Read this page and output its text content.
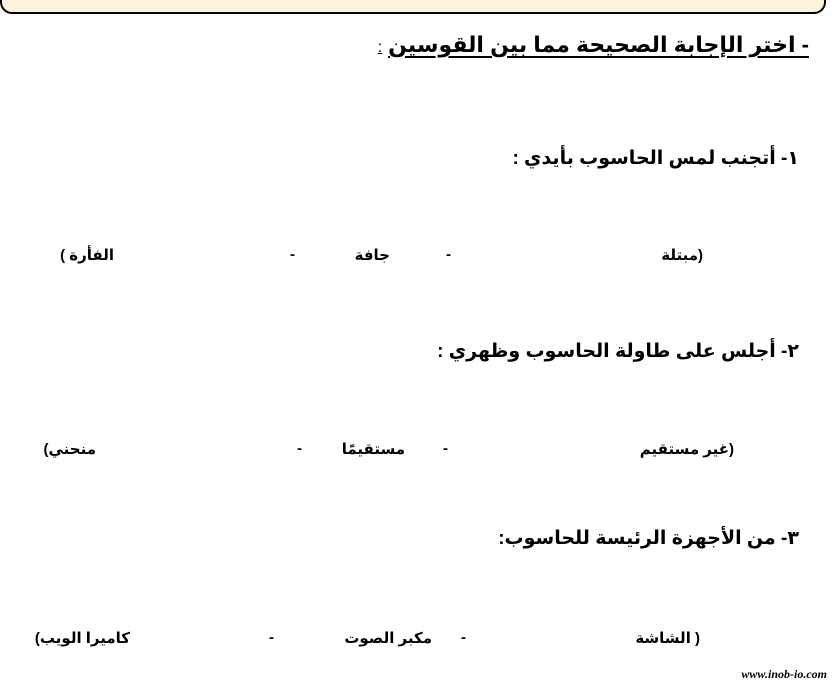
- اختر الإجابة الصحيحة مما بين القوسين:
١- أتجنب لمس الحاسوب بأيدي :
(مبتلة
-
جافة
-
الفأرة )
٢- أجلس على طاولة الحاسوب وظهري :
(غير مستقيم
-
مستقيمًا
-
منحني)
٣- من الأجهزة الرئيسة للحاسوب:
( الشاشة
-
مكبر الصوت
-
كاميرا الويب)
www.inob-io.com
